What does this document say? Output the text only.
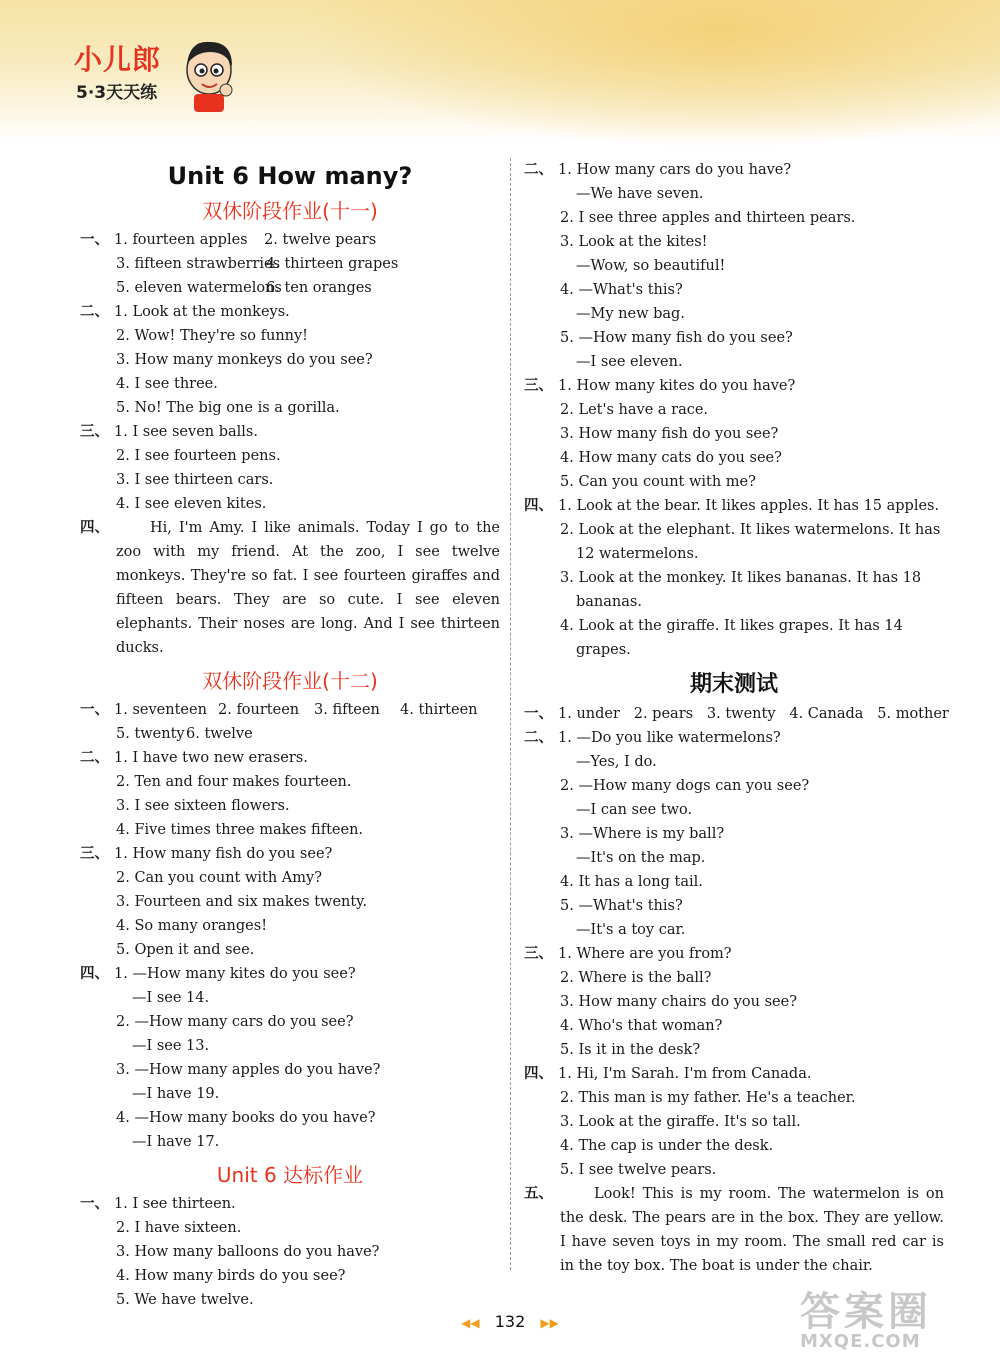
小儿郎
5·3天天练
Unit 6 How many?
双休阶段作业(十一)
一、 1. fourteen apples 2. twelve pears
3. fifteen strawberries4. thirteen grapes
5. eleven watermelons6. ten oranges
二、 1. Look at the monkeys.
2. Wow! They're so funny!
3. How many monkeys do you see?
4. I see three.
5. No! The big one is a gorilla.
三、 1. I see seven balls.
2. I see fourteen pens.
3. I see thirteen cars.
4. I see eleven kites.
四、	Hi, I'm Amy. I like animals. Today I go to the zoo with my friend. At the zoo, I see twelve monkeys. They're so fat. I see fourteen giraffes and fifteen bears. They are so cute. I see eleven elephants. Their noses are long. And I see thirteen ducks.
双休阶段作业(十二)
一、 1. seventeen 2. fourteen 3. fifteen 4. thirteen
5. twenty6. twelve
二、 1. I have two new erasers.
2. Ten and four makes fourteen.
3. I see sixteen flowers.
4. Five times three makes fifteen.
三、 1. How many fish do you see?
2. Can you count with Amy?
3. Fourteen and six makes twenty.
4. So many oranges!
5. Open it and see.
四、 1. —How many kites do you see?
—I see 14.
2. —How many cars do you see?
—I see 13.
3. —How many apples do you have?
—I have 19.
4. —How many books do you have?
—I have 17.
Unit 6 达标作业
一、 1. I see thirteen.
2. I have sixteen.
3. How many balloons do you have?
4. How many birds do you see?
5. We have twelve.
二、 1. How many cars do you have?
—We have seven.
2. I see three apples and thirteen pears.
3. Look at the kites!
—Wow, so beautiful!
4. —What's this?
—My new bag.
5. —How many fish do you see?
—I see eleven.
三、 1. How many kites do you have?
2. Let's have a race.
3. How many fish do you see?
4. How many cats do you see?
5. Can you count with me?
四、 1. Look at the bear. It likes apples. It has 15 apples.
2. Look at the elephant. It likes watermelons. It has
12 watermelons.
3. Look at the monkey. It likes bananas. It has 18
bananas.
4. Look at the giraffe. It likes grapes. It has 14
grapes.
期末测试
一、 1. under   2. pears   3. twenty   4. Canada   5. mother
二、 1. —Do you like watermelons?
—Yes, I do.
2. —How many dogs can you see?
—I can see two.
3. —Where is my ball?
—It's on the map.
4. It has a long tail.
5. —What's this?
—It's a toy car.
三、 1. Where are you from?
2. Where is the ball?
3. How many chairs do you see?
4. Who's that woman?
5. Is it in the desk?
四、 1. Hi, I'm Sarah. I'm from Canada.
2. This man is my father. He's a teacher.
3. Look at the giraffe. It's so tall.
4. The cap is under the desk.
5. I see twelve pears.
五、	Look! This is my room. The watermelon is on the desk. The pears are in the box. They are yellow. I have seven toys in my room. The small red car is in the toy box. The boat is under the chair.
◀◀ 132 ▶▶	答案圈
MXQE.COM
